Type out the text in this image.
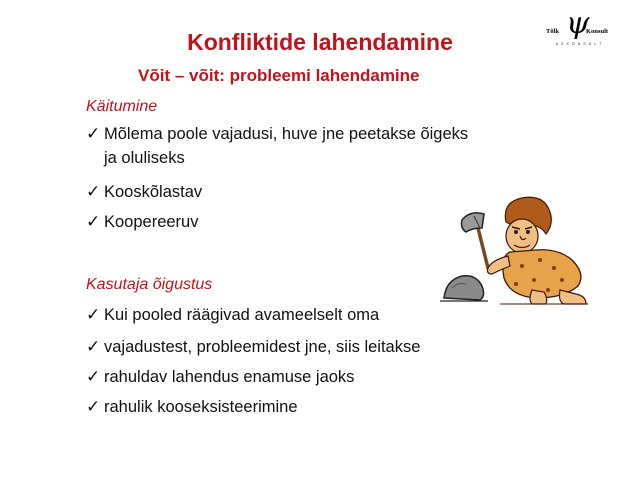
Konfliktide lahendamine
Võit – võit: probleemi lahendamine
Tõlk ψ
Konsult
A D K O N S U L T
Käitumine
✓ Mõlema poole vajadusi, huve jne peetakse õigeks ja oluliseks
✓ Kooskõlastav
✓ Koopereeruv
Kasutaja õigustus
✓ Kui pooled räägivad avameelselt oma
✓ vajadustest, probleemidest jne, siis leitakse
✓ rahuldav lahendus enamuse jaoks
✓ rahulik kooseksisteerimine
